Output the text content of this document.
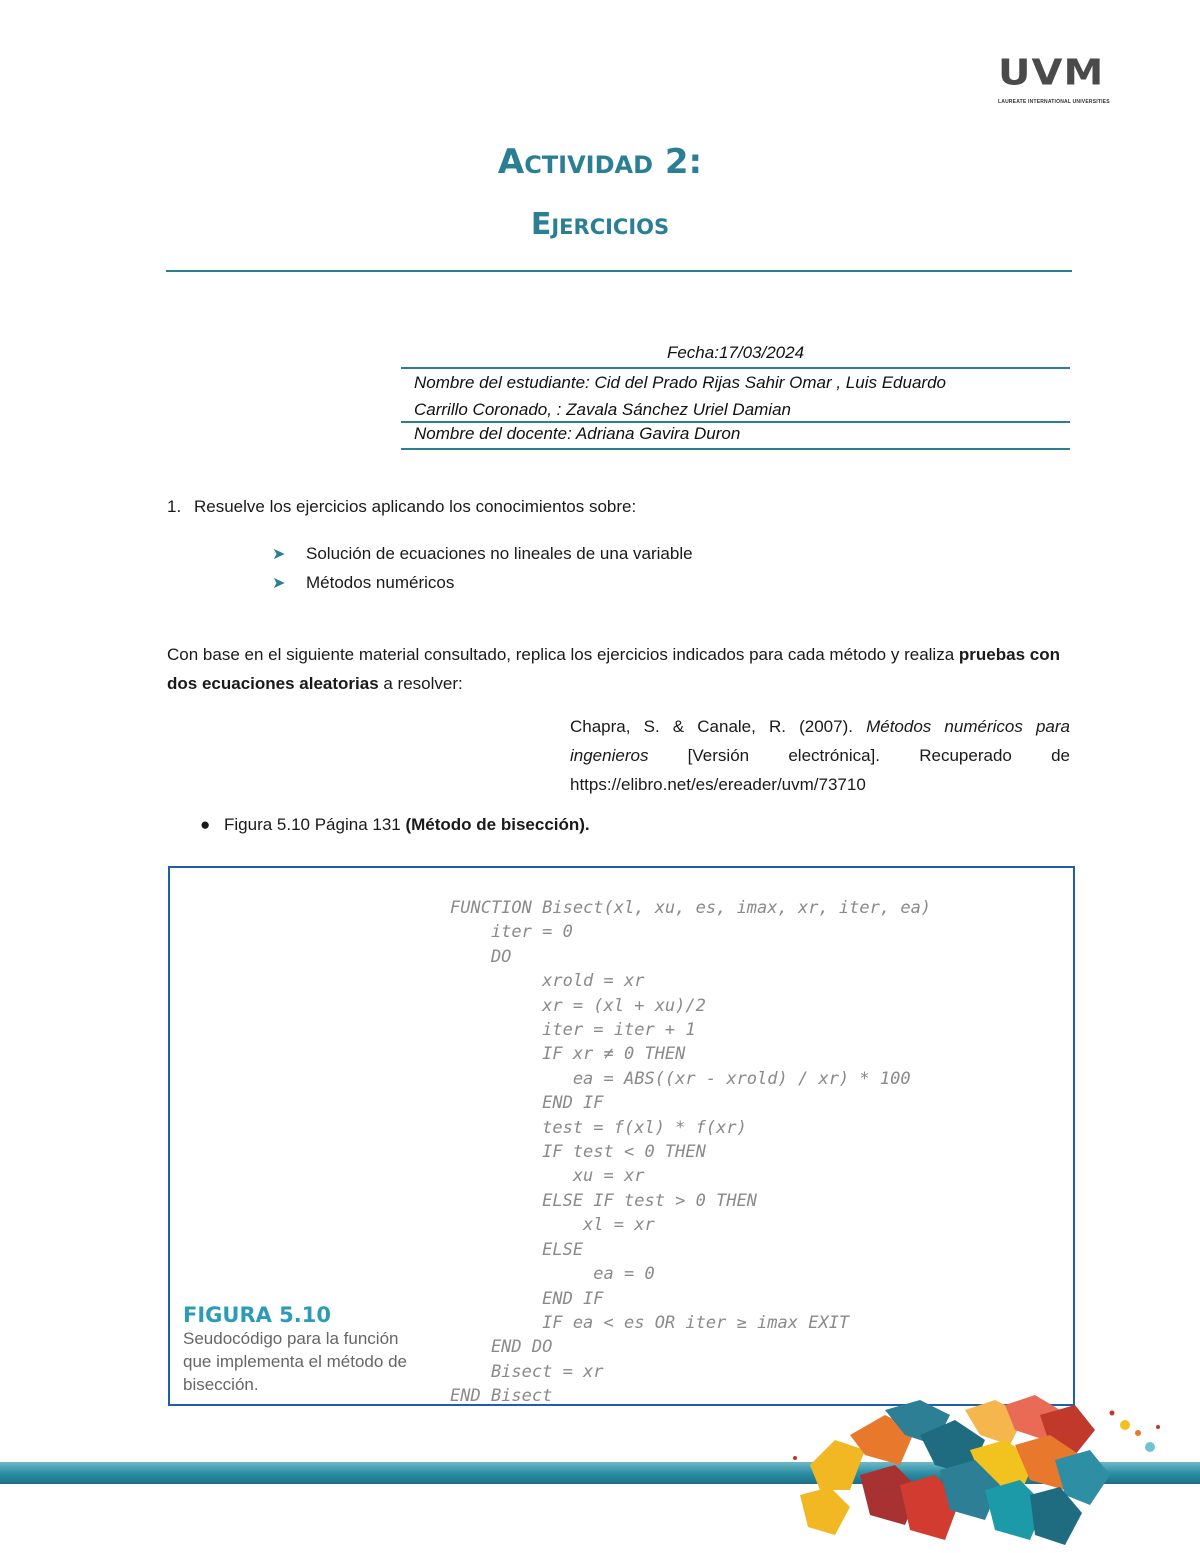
UVM
LAUREATE INTERNATIONAL UNIVERSITIES
Actividad 2:
Ejercicios
Fecha:17/03/2024
Nombre del estudiante: Cid del Prado Rijas Sahir Omar , Luis Eduardo
Carrillo Coronado, : Zavala Sánchez Uriel Damian
Nombre del docente: Adriana Gavira Duron
1. Resuelve los ejercicios aplicando los conocimientos sobre:
➤	Solución de ecuaciones no lineales de una variable
➤	Métodos numéricos
Con base en el siguiente material consultado, replica los ejercicios indicados para cada método y realiza pruebas con dos ecuaciones aleatorias a resolver:
Chapra, S. & Canale, R. (2007). Métodos numéricos para ingenieros [Versión electrónica]. Recuperado de https://elibro.net/es/ereader/uvm/73710
● Figura 5.10 Página 131 (Método de bisección).
FUNCTION Bisect(xl, xu, es, imax, xr, iter, ea)
iter = 0
DO
xrold = xr
xr = (xl + xu)/2
iter = iter + 1
IF xr ≠ 0 THEN
ea = ABS((xr - xrold) / xr) * 100
END IF
test = f(xl) * f(xr)
IF test < 0 THEN
xu = xr
ELSE IF test > 0 THEN
xl = xr
ELSE
ea = 0
END IF
IF ea < es OR iter ≥ imax EXIT
END DO
Bisect = xr
END Bisect
FIGURA 5.10
Seudocódigo para la función que implementa el método de bisección.
